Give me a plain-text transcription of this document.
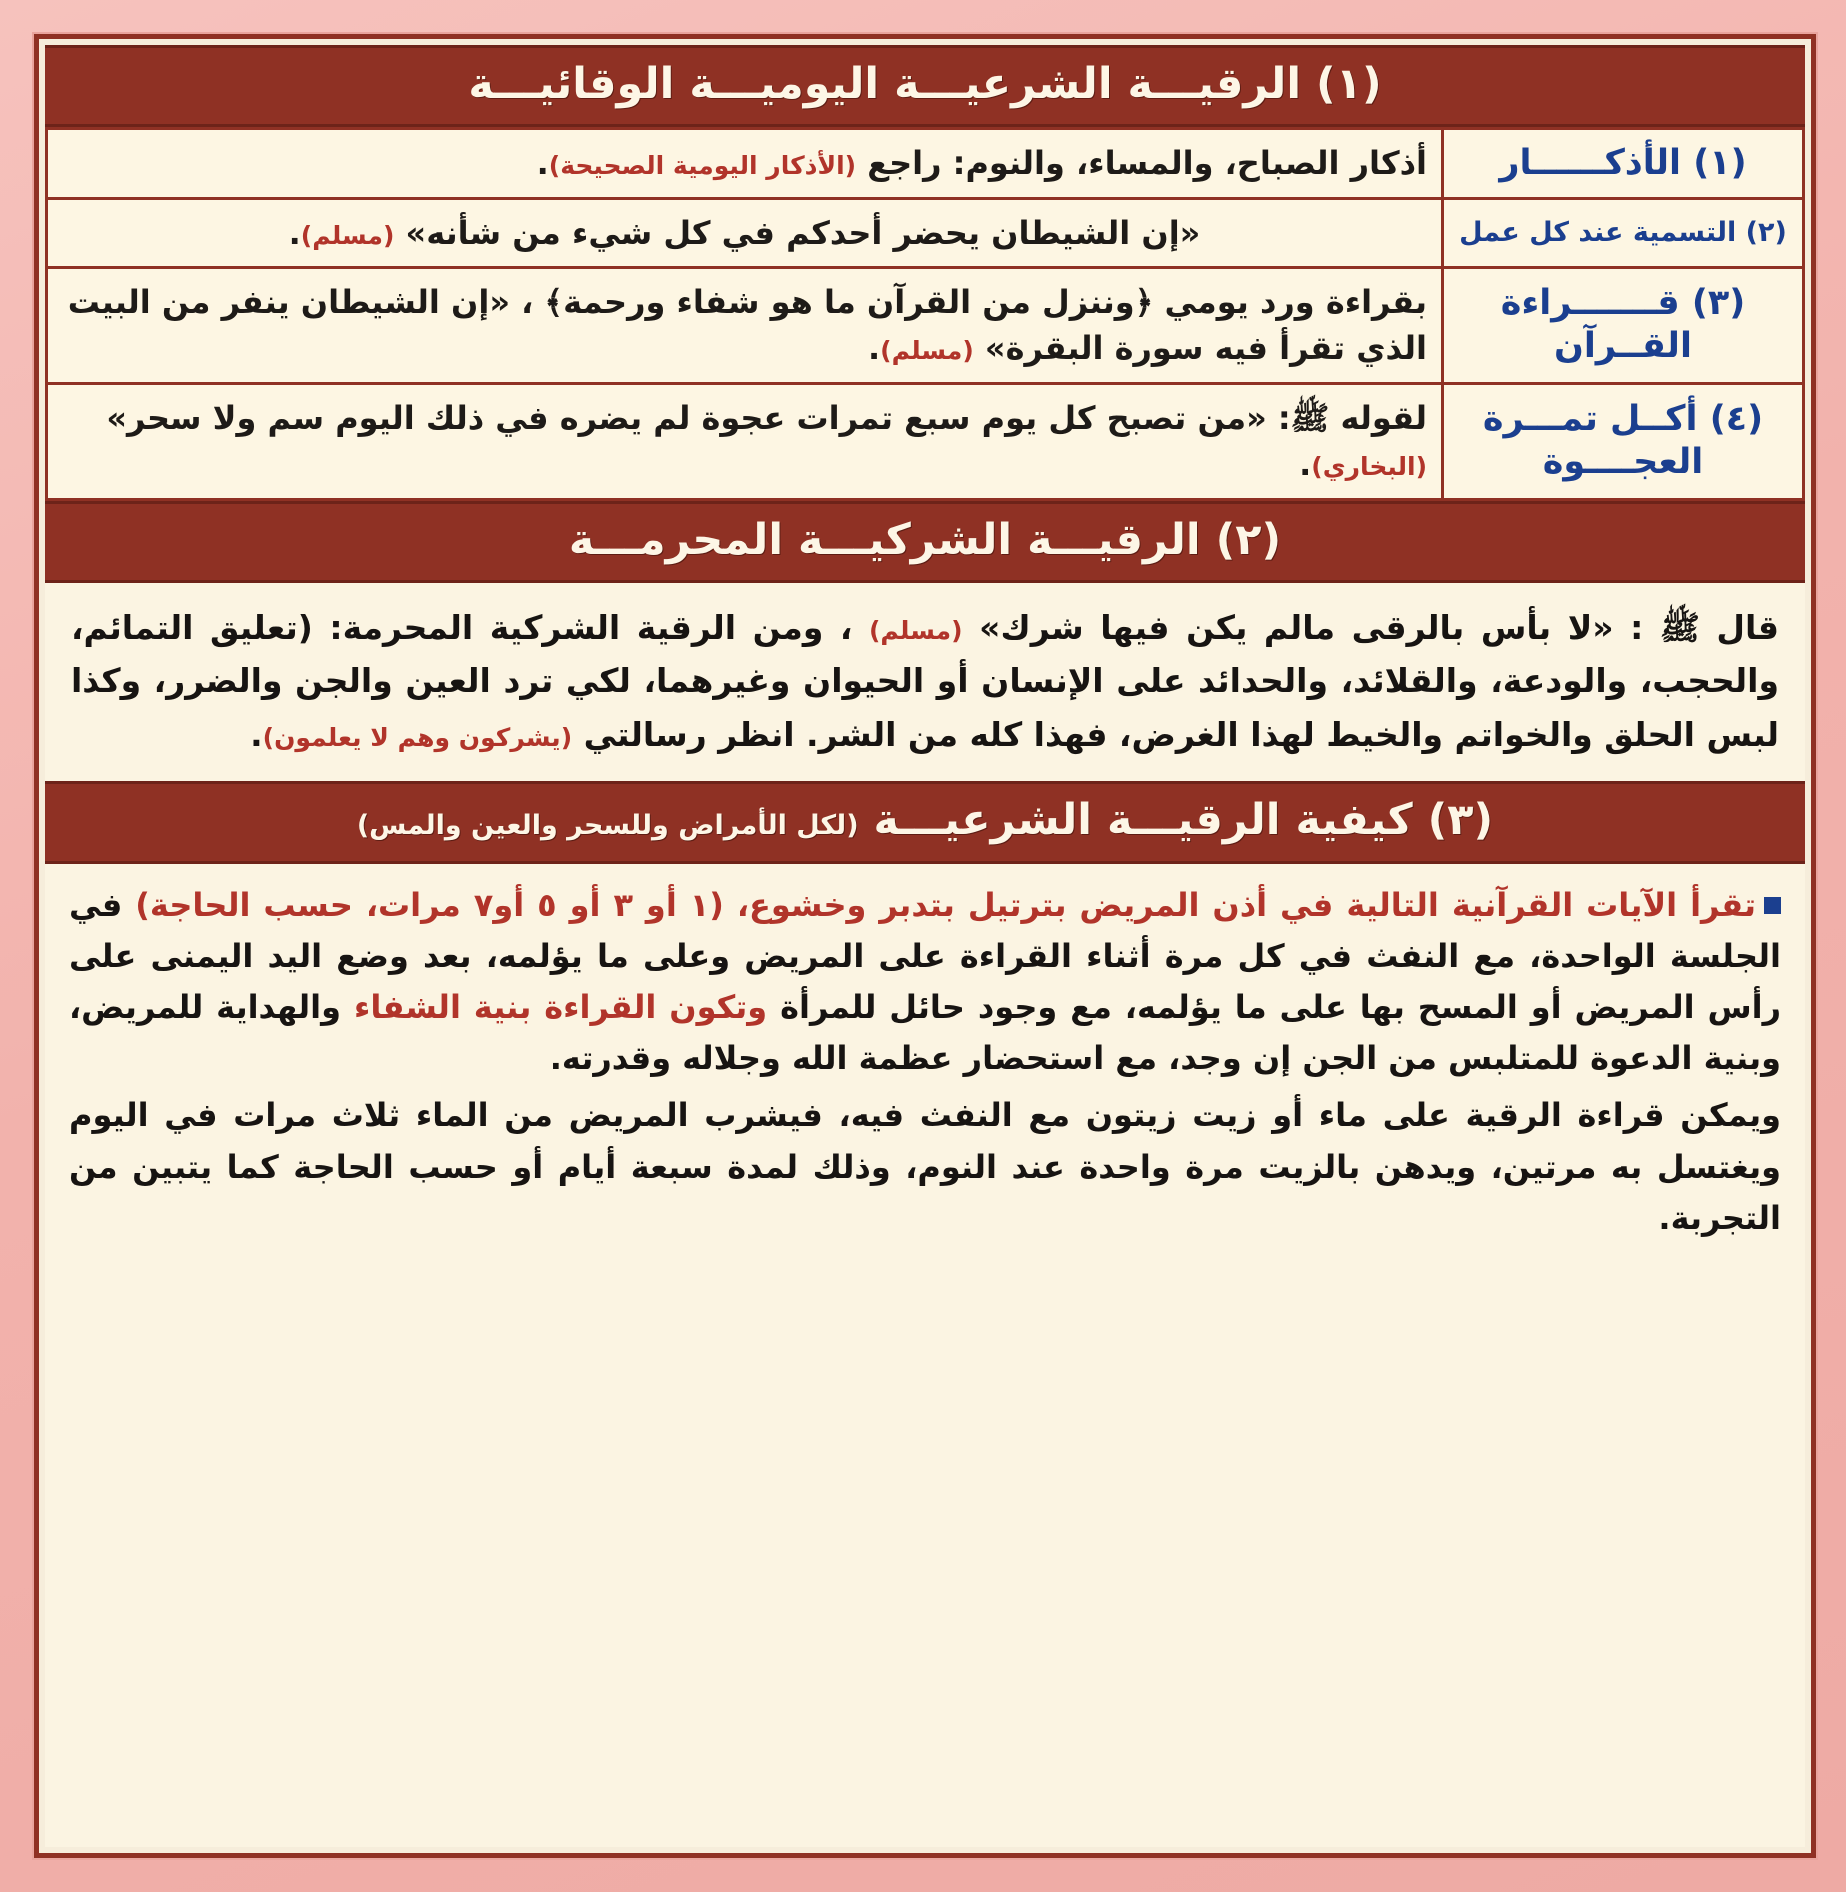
(١) الرقيـــة الشرعيـــة اليوميـــة الوقائيـــة
(١) الأذكــــــار	أذكار الصباح، والمساء، والنوم: راجع (الأذكار اليومية الصحيحة).
(٢) التسمية عند كل عمل	«إن الشيطان يحضر أحدكم في كل شيء من شأنه» (مسلم).
(٣) قـــــــراءة القــرآن	بقراءة ورد يومي ﴿وننزل من القرآن ما هو شفاء ورحمة﴾ ، «إن الشيطان ينفر من البيت الذي تقرأ فيه سورة البقرة» (مسلم).
(٤) أكــل تمـــرة العجــــوة	لقوله ﷺ: «من تصبح كل يوم سبع تمرات عجوة لم يضره في ذلك اليوم سم ولا سحر» (البخاري).
(٢) الرقيـــة الشركيـــة المحرمـــة
قال ﷺ : «لا بأس بالرقى مالم يكن فيها شرك» (مسلم) ، ومن الرقية الشركية المحرمة: (تعليق التمائم، والحجب، والودعة، والقلائد، والحدائد على الإنسان أو الحيوان وغيرهما، لكي ترد العين والجن والضرر، وكذا لبس الحلق والخواتم والخيط لهذا الغرض، فهذا كله من الشر. انظر رسالتي (يشركون وهم لا يعلمون).
(٣) كيفية الرقيـــة الشرعيـــة (لكل الأمراض وللسحر والعين والمس)

تقرأ الآيات القرآنية التالية في أذن المريض بترتيل بتدبر وخشوع، (١ أو ٣ أو ٥ أو٧ مرات، حسب الحاجة) في الجلسة الواحدة، مع النفث في كل مرة أثناء القراءة على المريض وعلى ما يؤلمه، بعد وضع اليد اليمنى على رأس المريض أو المسح بها على ما يؤلمه، مع وجود حائل للمرأة وتكون القراءة بنية الشفاء والهداية للمريض، وبنية الدعوة للمتلبس من الجن إن وجد، مع استحضار عظمة الله وجلاله وقدرته.

ويمكن قراءة الرقية على ماء أو زيت زيتون مع النفث فيه، فيشرب المريض من الماء ثلاث مرات في اليوم ويغتسل به مرتين، ويدهن بالزيت مرة واحدة عند النوم، وذلك لمدة سبعة أيام أو حسب الحاجة كما يتبين من التجربة.
